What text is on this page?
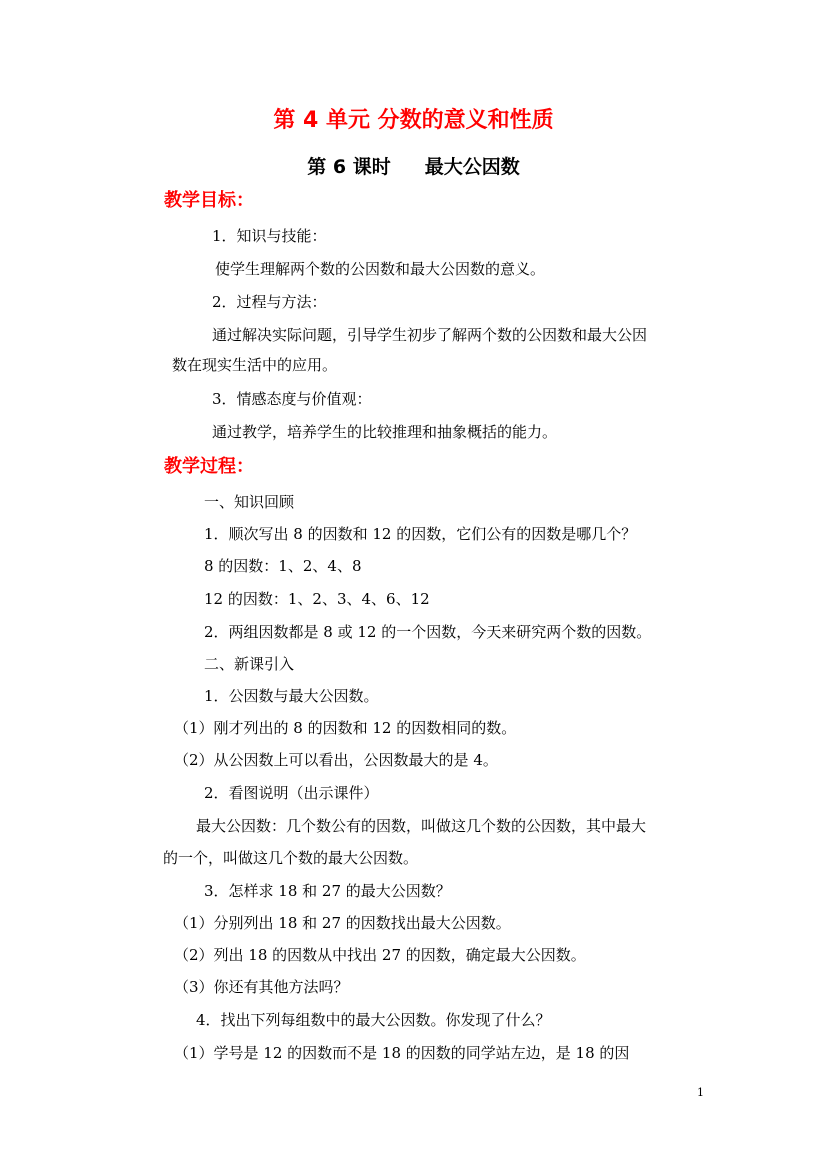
第 4 单元 分数的意义和性质
第 6 课时 最大公因数
教学目标：
1．知识与技能：
使学生理解两个数的公因数和最大公因数的意义。
2．过程与方法：
通过解决实际问题，引导学生初步了解两个数的公因数和最大公因
数在现实生活中的应用。
3．情感态度与价值观：
通过教学，培养学生的比较推理和抽象概括的能力。
教学过程：
一、知识回顾
1．顺次写出 8 的因数和 12 的因数，它们公有的因数是哪几个？
8 的因数：1、2、4、8
12 的因数：1、2、3、4、6、12
2．两组因数都是 8 或 12 的一个因数，今天来研究两个数的因数。
二、新课引入
1．公因数与最大公因数。
（1）刚才列出的 8 的因数和 12 的因数相同的数。
（2）从公因数上可以看出，公因数最大的是 4。
2．看图说明（出示课件）
最大公因数：几个数公有的因数，叫做这几个数的公因数，其中最大
的一个，叫做这几个数的最大公因数。
3．怎样求 18 和 27 的最大公因数？
（1）分别列出 18 和 27 的因数找出最大公因数。
（2）列出 18 的因数从中找出 27 的因数，确定最大公因数。
（3）你还有其他方法吗？
4．找出下列每组数中的最大公因数。你发现了什么？
（1）学号是 12 的因数而不是 18 的因数的同学站左边，是 18 的因
1
